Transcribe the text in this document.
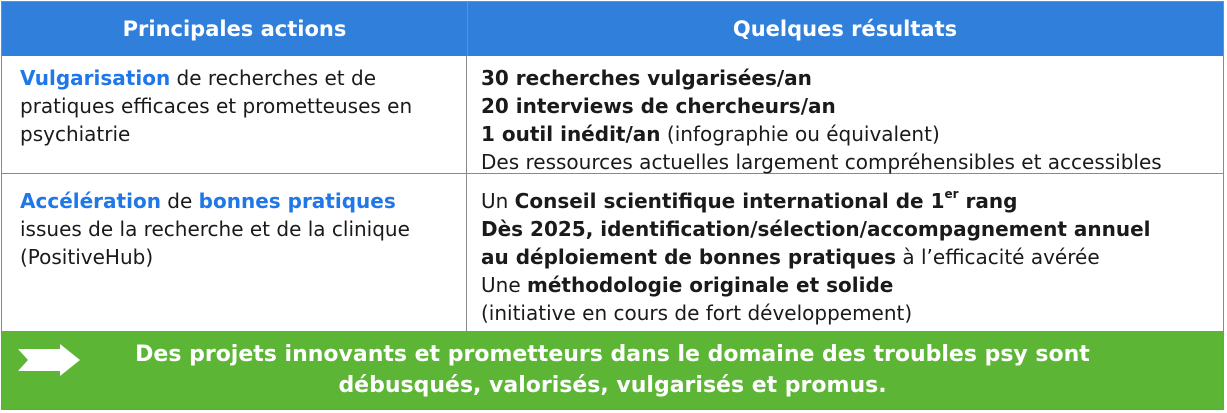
Principales actions	Quelques résultats
Vulgarisation de recherches et de pratiques efficaces et prometteuses en psychiatrie
30 recherches vulgarisées/an
20 interviews de chercheurs/an
1 outil inédit/an (infographie ou équivalent)
Des ressources actuelles largement compréhensibles et accessibles
Accélération de bonnes pratiques issues de la recherche et de la clinique (PositiveHub)
Un Conseil scientifique international de 1er rang
Dès 2025, identification/sélection/accompagnement annuel
au déploiement de bonnes pratiques à l’efficacité avérée
Une méthodologie originale et solide
(initiative en cours de fort développement)
Des projets innovants et prometteurs dans le domaine des troubles psy sont
débusqués, valorisés, vulgarisés et promus.
